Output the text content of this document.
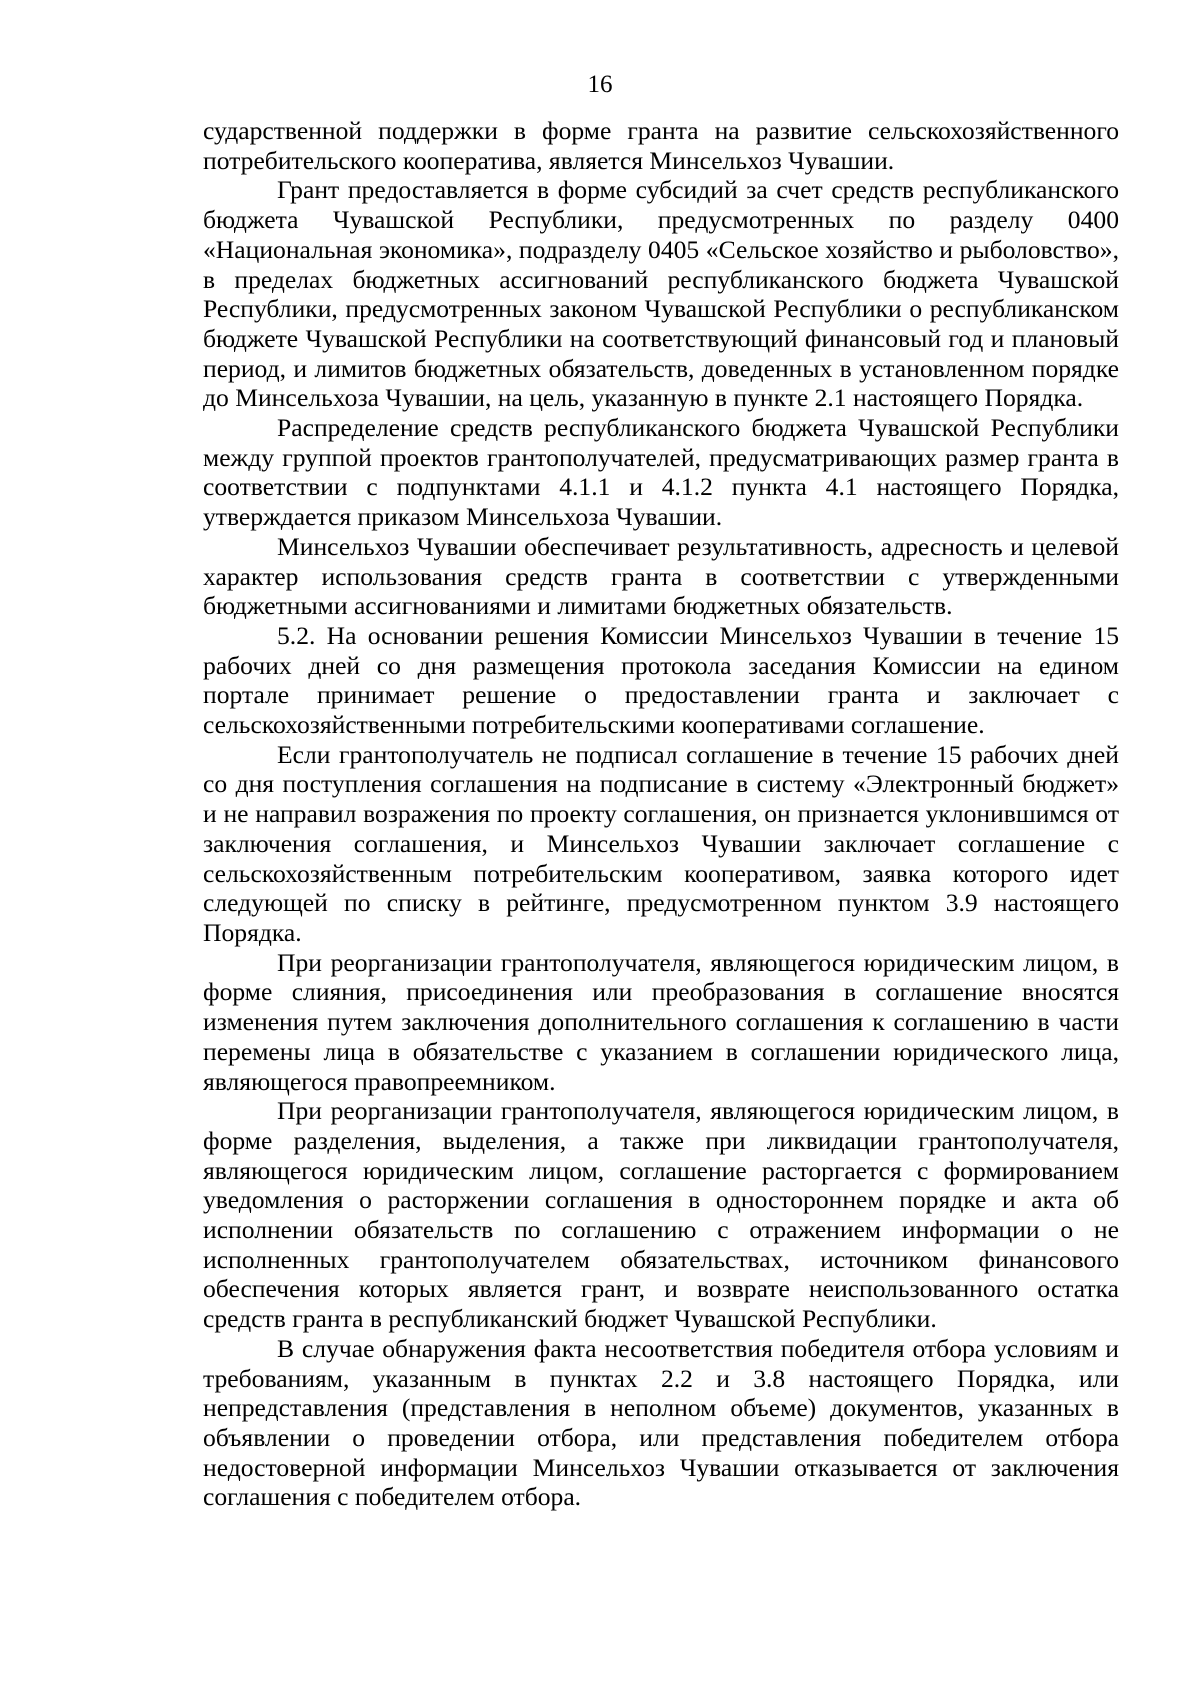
16

сударственной поддержки в форме гранта на развитие сельскохозяйственного потребительского кооператива, является Минсельхоз Чувашии.

Грант предоставляется в форме субсидий за счет средств республиканского бюджета Чувашской Республики, предусмотренных по разделу 0400 «Национальная экономика», подразделу 0405 «Сельское хозяйство и рыболовство», в пределах бюджетных ассигнований республиканского бюджета Чувашской Республики, предусмотренных законом Чувашской Республики о республиканском бюджете Чувашской Республики на соответствующий финансовый год и плановый период, и лимитов бюджетных обязательств, доведенных в установленном порядке до Минсельхоза Чувашии, на цель, указанную в пункте 2.1 настоящего Порядка.

Распределение средств республиканского бюджета Чувашской Республики между группой проектов грантополучателей, предусматривающих размер гранта в соответствии с подпунктами 4.1.1 и 4.1.2 пункта 4.1 настоящего Порядка, утверждается приказом Минсельхоза Чувашии.

Минсельхоз Чувашии обеспечивает результативность, адресность и целевой характер использования средств гранта в соответствии с утвержденными бюджетными ассигнованиями и лимитами бюджетных обязательств.

5.2. На основании решения Комиссии Минсельхоз Чувашии в течение 15 рабочих дней со дня размещения протокола заседания Комиссии на едином портале принимает решение о предоставлении гранта и заключает с сельскохозяйственными потребительскими кооперативами соглашение.

Если грантополучатель не подписал соглашение в течение 15 рабочих дней со дня поступления соглашения на подписание в систему «Электронный бюджет» и не направил возражения по проекту соглашения, он признается уклонившимся от заключения соглашения, и Минсельхоз Чувашии заключает соглашение с сельскохозяйственным потребительским кооперативом, заявка которого идет следующей по списку в рейтинге, предусмотренном пунктом 3.9 настоящего Порядка.

При реорганизации грантополучателя, являющегося юридическим лицом, в форме слияния, присоединения или преобразования в соглашение вносятся изменения путем заключения дополнительного соглашения к соглашению в части перемены лица в обязательстве с указанием в соглашении юридического лица, являющегося правопреемником.

При реорганизации грантополучателя, являющегося юридическим лицом, в форме разделения, выделения, а также при ликвидации грантополучателя, являющегося юридическим лицом, соглашение расторгается с формированием уведомления о расторжении соглашения в одностороннем порядке и акта об исполнении обязательств по соглашению с отражением информации о не исполненных грантополучателем обязательствах, источником финансового обеспечения которых является грант, и возврате неиспользованного остатка средств гранта в республиканский бюджет Чувашской Республики.

В случае обнаружения факта несоответствия победителя отбора условиям и требованиям, указанным в пунктах 2.2 и 3.8 настоящего Порядка, или непредставления (представления в неполном объеме) документов, указанных в объявлении о проведении отбора, или представления победителем отбора недостоверной информации Минсельхоз Чувашии отказывается от заключения соглашения с победителем отбора.
